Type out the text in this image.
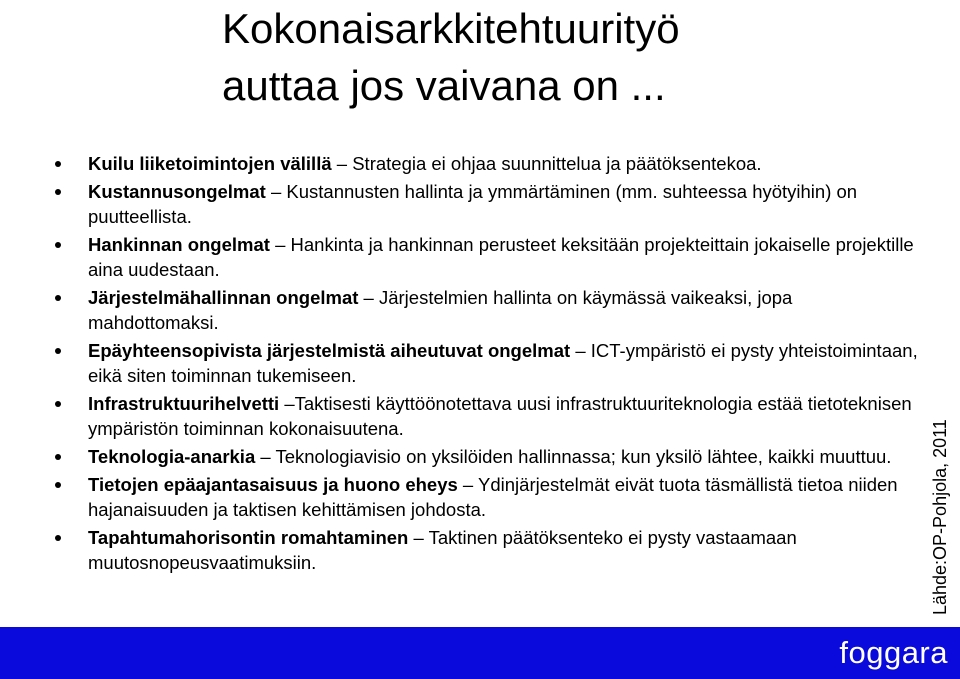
Kokonaisarkkitehtuurityö
auttaa jos vaivana on ...
Kuilu liiketoimintojen välillä – Strategia ei ohjaa suunnittelua ja päätöksentekoa.
Kustannusongelmat – Kustannusten hallinta ja ymmärtäminen (mm. suhteessa hyötyihin) on puutteellista.
Hankinnan ongelmat – Hankinta ja hankinnan perusteet keksitään projekteittain jokaiselle projektille aina uudestaan.
Järjestelmähallinnan ongelmat – Järjestelmien hallinta on käymässä vaikeaksi, jopa mahdottomaksi.
Epäyhteensopivista järjestelmistä aiheutuvat ongelmat – ICT-ympäristö ei pysty yhteistoimintaan, eikä siten toiminnan tukemiseen.
Infrastruktuurihelvetti –Taktisesti käyttöönotettava uusi infrastruktuuriteknologia estää tietoteknisen ympäristön toiminnan kokonaisuutena.
Teknologia-anarkia – Teknologiavisio on yksilöiden hallinnassa; kun yksilö lähtee, kaikki muuttuu.
Tietojen epäajantasaisuus ja huono eheys – Ydinjärjestelmät eivät tuota täsmällistä tietoa niiden hajanaisuuden ja taktisen kehittämisen johdosta.
Tapahtumahorisontin romahtaminen – Taktinen päätöksenteko ei pysty vastaamaan muutosnopeusvaatimuksiin.	Lähde:OP-Pohjola, 2011
foggara
